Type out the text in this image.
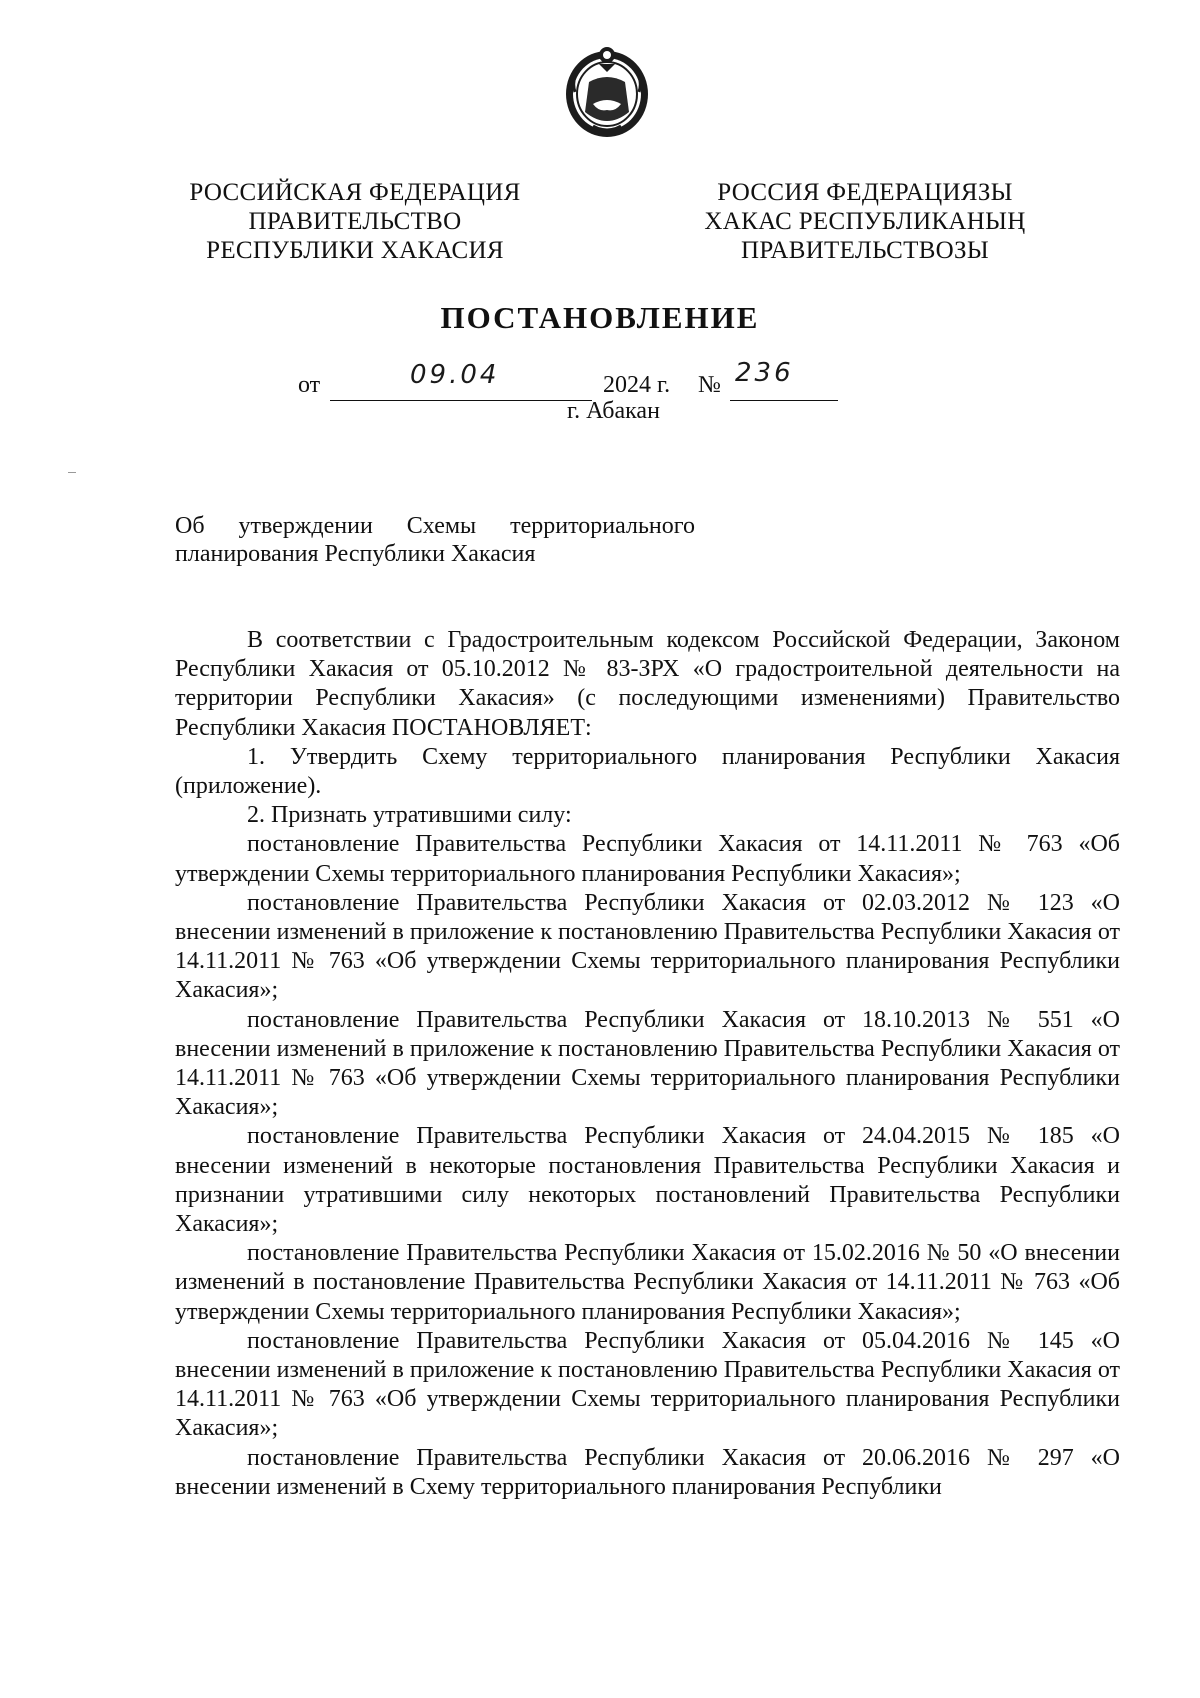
РОССИЙСКАЯ ФЕДЕРАЦИЯ
ПРАВИТЕЛЬСТВО
РЕСПУБЛИКИ ХАКАСИЯ
РОССИЯ ФЕДЕРАЦИЯЗЫ
ХАКАС РЕСПУБЛИКАНЫҢ
ПРАВИТЕЛЬСТВОЗЫ
ПОСТАНОВЛЕНИЕ
от	09.04	2024 г. № 236
г. Абакан
Об утверждении Схемы территориального
планирования Республики Хакасия

В соответствии с Градостроительным кодексом Российской Федерации, Законом Республики Хакасия от 05.10.2012 № 83-ЗРХ «О градостроительной деятельности на территории Республики Хакасия» (с последующими изменениями) Правительство Республики Хакасия ПОСТАНОВЛЯЕТ:

1. Утвердить Схему территориального планирования Республики Хакасия (приложение).

2. Признать утратившими силу:

постановление Правительства Республики Хакасия от 14.11.2011 № 763 «Об утверждении Схемы территориального планирования Республики Хакасия»;

постановление Правительства Республики Хакасия от 02.03.2012 № 123 «О внесении изменений в приложение к постановлению Правительства Республики Хакасия от 14.11.2011 № 763 «Об утверждении Схемы территориального планирования Республики Хакасия»;

постановление Правительства Республики Хакасия от 18.10.2013 № 551 «О внесении изменений в приложение к постановлению Правительства Республики Хакасия от 14.11.2011 № 763 «Об утверждении Схемы территориального планирования Республики Хакасия»;

постановление Правительства Республики Хакасия от 24.04.2015 № 185 «О внесении изменений в некоторые постановления Правительства Республики Хакасия и признании утратившими силу некоторых постановлений Правительства Республики Хакасия»;

постановление Правительства Республики Хакасия от 15.02.2016 № 50 «О внесении изменений в постановление Правительства Республики Хакасия от 14.11.2011 № 763 «Об утверждении Схемы территориального планирования Республики Хакасия»;

постановление Правительства Республики Хакасия от 05.04.2016 № 145 «О внесении изменений в приложение к постановлению Правительства Республики Хакасия от 14.11.2011 № 763 «Об утверждении Схемы территориального планирования Республики Хакасия»;

постановление Правительства Республики Хакасия от 20.06.2016 № 297 «О внесении изменений в Схему территориального планирования Республики
